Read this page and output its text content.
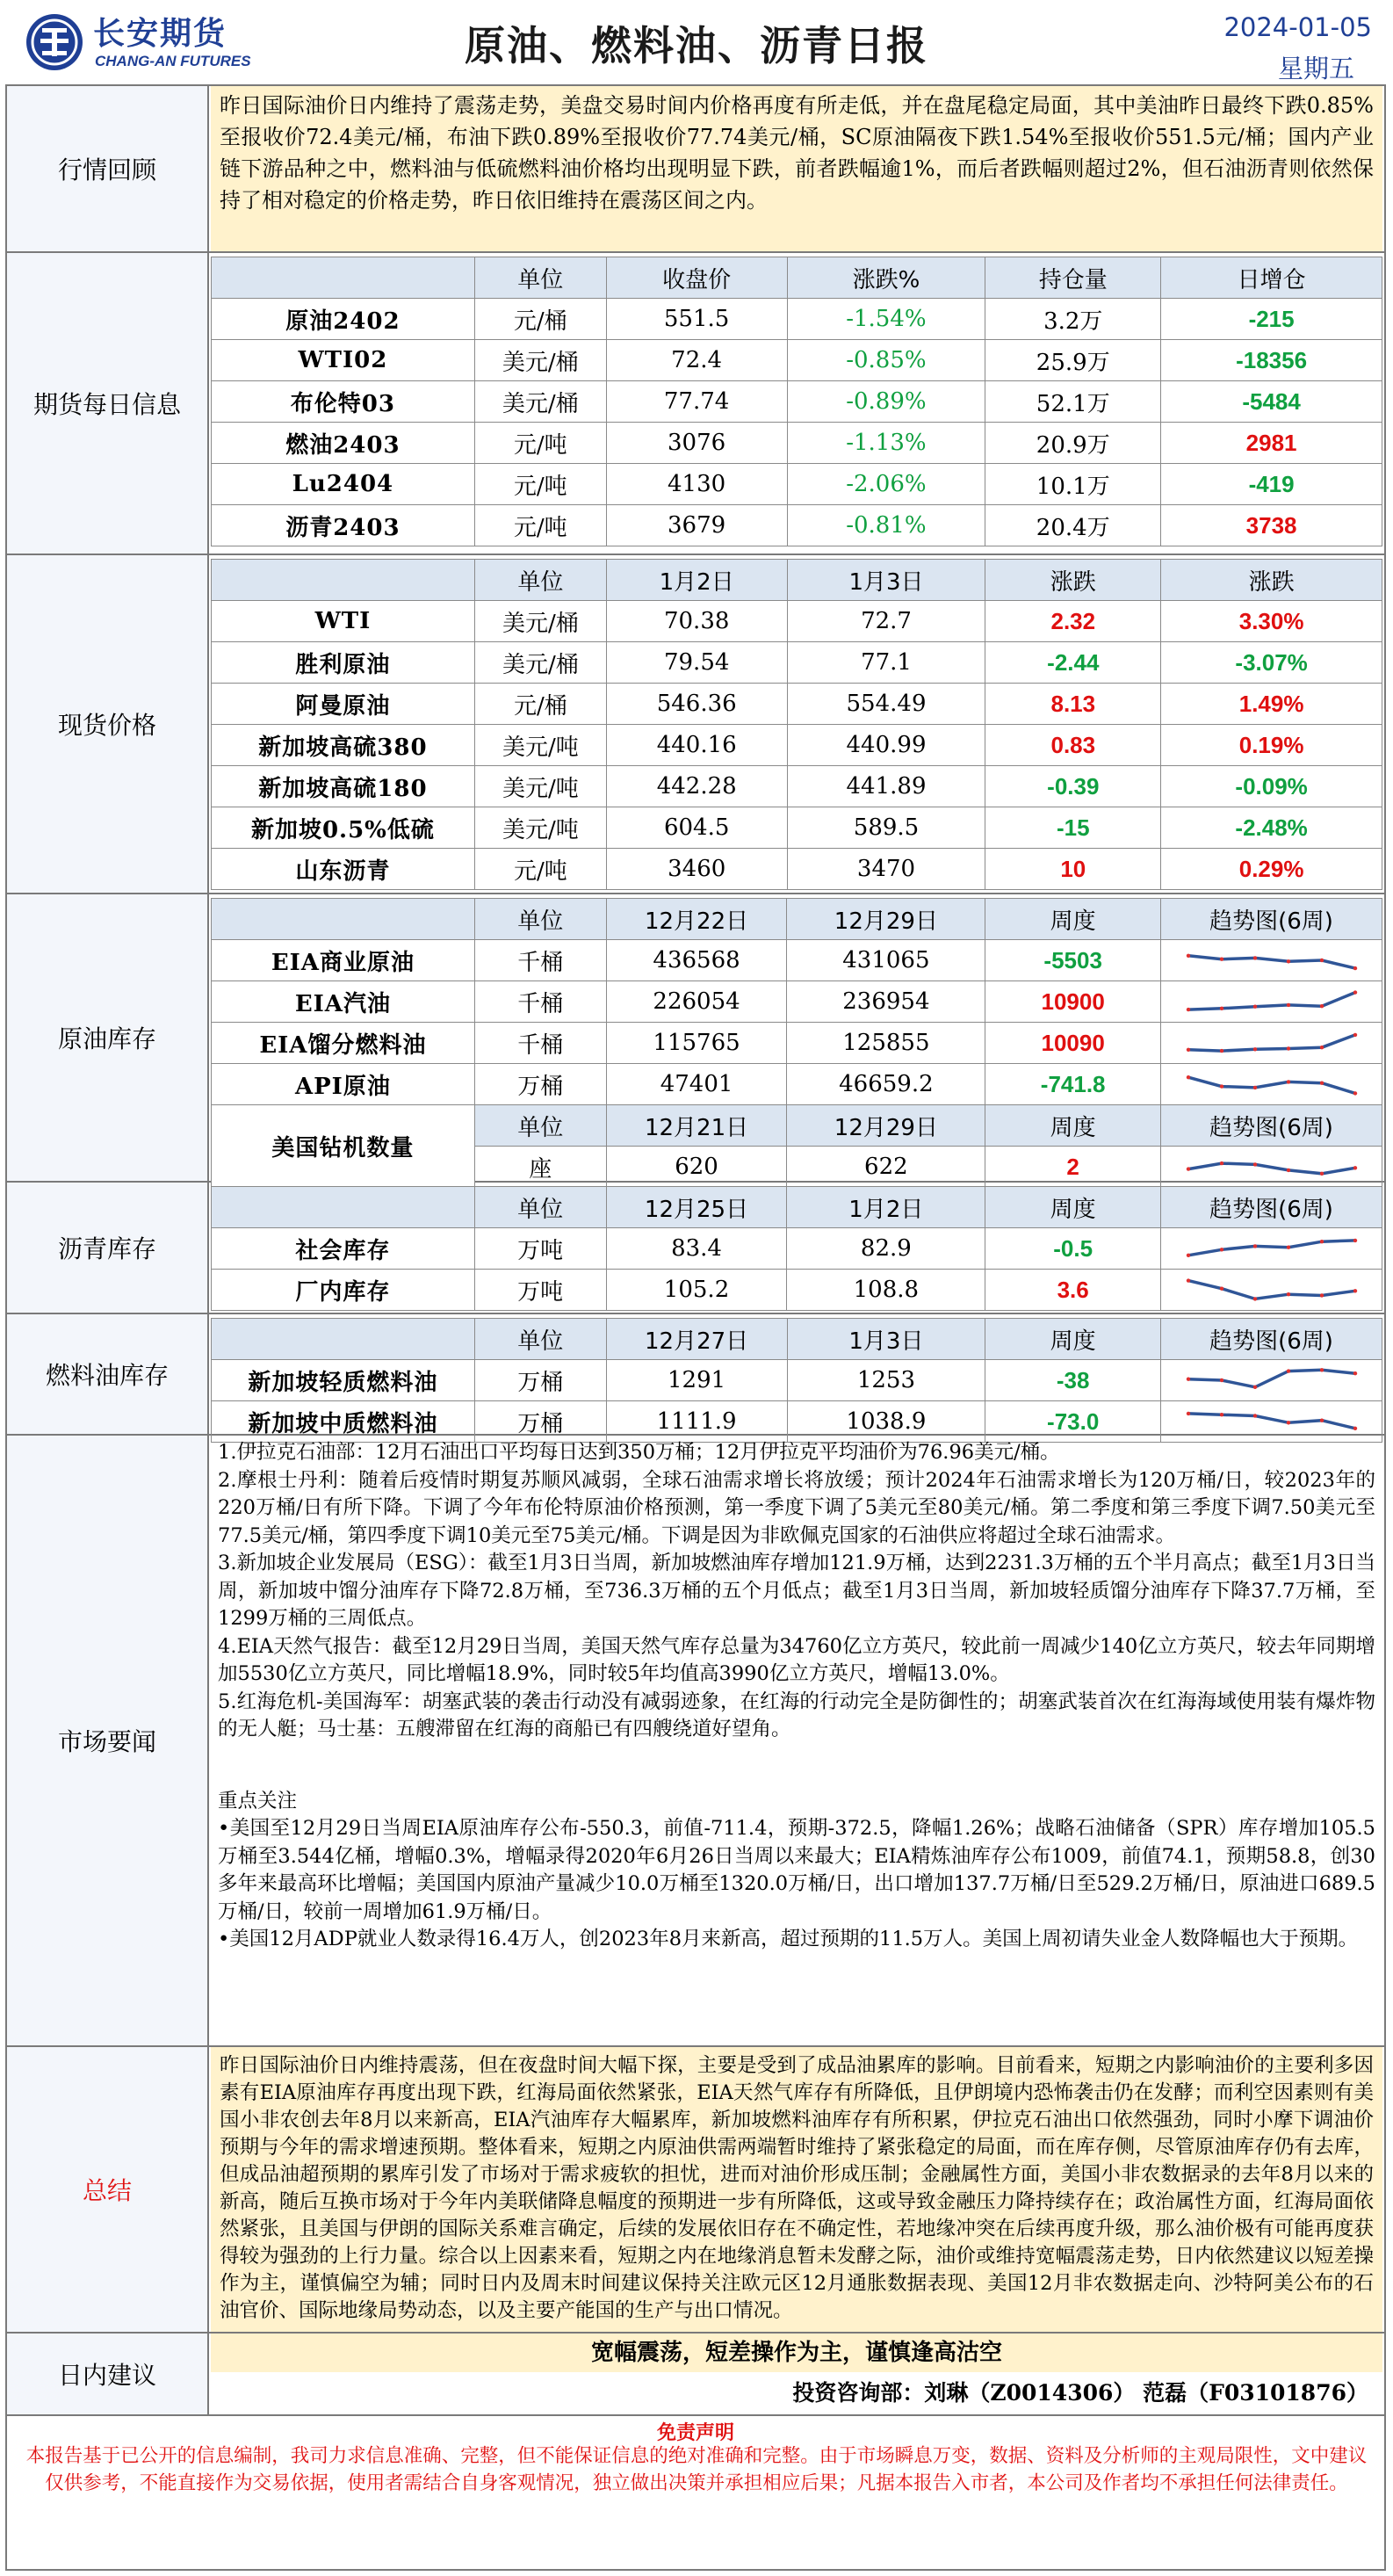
长安期货
CHANG-AN FUTURES	原油、燃料油、沥青日报	2024-01-05
星期五
行情回顾
期货每日信息
现货价格
原油库存
沥青库存
燃料油库存
市场要闻
总结
日内建议
昨日国际油价日内维持了震荡走势，美盘交易时间内价格再度有所走低，并在盘尾稳定局面，其中美油昨日最终下跌0.85%至报收价72.4美元/桶，布油下跌0.89%至报收价77.74美元/桶，SC原油隔夜下跌1.54%至报收价551.5元/桶；国内产业链下游品种之中，燃料油与低硫燃料油价格均出现明显下跌，前者跌幅逾1%，而后者跌幅则超过2%，但石油沥青则依然保持了相对稳定的价格走势，昨日依旧维持在震荡区间之内。
	单位	收盘价	涨跌%	持仓量	日增仓
原油2402	元/桶	551.5	-1.54%	3.2万	-215
WTI02	美元/桶	72.4	-0.85%	25.9万	-18356
布伦特03	美元/桶	77.74	-0.89%	52.1万	-5484
燃油2403	元/吨	3076	-1.13%	20.9万	2981
Lu2404	元/吨	4130	-2.06%	10.1万	-419
沥青2403	元/吨	3679	-0.81%	20.4万	3738
	单位	1月2日	1月3日	涨跌	涨跌
WTI	美元/桶	70.38	72.7	2.32	3.30%
胜利原油	美元/桶	79.54	77.1	-2.44	-3.07%
阿曼原油	元/桶	546.36	554.49	8.13	1.49%
新加坡高硫380	美元/吨	440.16	440.99	0.83	0.19%
新加坡高硫180	美元/吨	442.28	441.89	-0.39	-0.09%
新加坡0.5%低硫	美元/吨	604.5	589.5	-15	-2.48%
山东沥青	元/吨	3460	3470	10	0.29%
	单位	12月22日	12月29日	周度	趋势图(6周)
EIA商业原油	千桶	436568	431065	-5503	

EIA汽油	千桶	226054	236954	10900	

EIA馏分燃料油	千桶	115765	125855	10090	

API原油	万桶	47401	46659.2	-741.8	

美国钻机数量	单位	12月21日	12月29日	周度	趋势图(6周)
	座	620	622	2	
	单位	12月25日	1月2日	周度	趋势图(6周)
社会库存	万吨	83.4	82.9	-0.5	

厂内库存	万吨	105.2	108.8	3.6	
	单位	12月27日	1月3日	周度	趋势图(6周)
新加坡轻质燃料油	万桶	1291	1253	-38	

新加坡中质燃料油	万桶	1111.9	1038.9	-73.0	

1.伊拉克石油部：12月石油出口平均每日达到350万桶；12月伊拉克平均油价为76.96美元/桶。

2.摩根士丹利：随着后疫情时期复苏顺风减弱，全球石油需求增长将放缓；预计2024年石油需求增长为120万桶/日，较2023年的220万桶/日有所下降。下调了今年布伦特原油价格预测，第一季度下调了5美元至80美元/桶。第二季度和第三季度下调7.50美元至77.5美元/桶，第四季度下调10美元至75美元/桶。下调是因为非欧佩克国家的石油供应将超过全球石油需求。

3.新加坡企业发展局（ESG）：截至1月3日当周，新加坡燃油库存增加121.9万桶，达到2231.3万桶的五个半月高点；截至1月3日当周，新加坡中馏分油库存下降72.8万桶，至736.3万桶的五个月低点；截至1月3日当周，新加坡轻质馏分油库存下降37.7万桶，至1299万桶的三周低点。

4.EIA天然气报告：截至12月29日当周，美国天然气库存总量为34760亿立方英尺，较此前一周减少140亿立方英尺，较去年同期增加5530亿立方英尺，同比增幅18.9%，同时较5年均值高3990亿立方英尺，增幅13.0%。

5.红海危机-美国海军：胡塞武装的袭击行动没有减弱迹象，在红海的行动完全是防御性的；胡塞武装首次在红海海域使用装有爆炸物的无人艇；马士基：五艘滞留在红海的商船已有四艘绕道好望角。

重点关注

•美国至12月29日当周EIA原油库存公布-550.3，前值-711.4，预期-372.5，降幅1.26%；战略石油储备（SPR）库存增加105.5万桶至3.544亿桶，增幅0.3%，增幅录得2020年6月26日当周以来最大；EIA精炼油库存公布1009，前值74.1，预期58.8，创30多年来最高环比增幅；美国国内原油产量减少10.0万桶至1320.0万桶/日，出口增加137.7万桶/日至529.2万桶/日，原油进口689.5万桶/日，较前一周增加61.9万桶/日。

•美国12月ADP就业人数录得16.4万人，创2023年8月来新高，超过预期的11.5万人。美国上周初请失业金人数降幅也大于预期。

昨日国际油价日内维持震荡，但在夜盘时间大幅下探，主要是受到了成品油累库的影响。目前看来，短期之内影响油价的主要利多因素有EIA原油库存再度出现下跌，红海局面依然紧张，EIA天然气库存有所降低，且伊朗境内恐怖袭击仍在发酵；而利空因素则有美国小非农创去年8月以来新高，EIA汽油库存大幅累库，新加坡燃料油库存有所积累，伊拉克石油出口依然强劲，同时小摩下调油价预期与今年的需求增速预期。整体看来，短期之内原油供需两端暂时维持了紧张稳定的局面，而在库存侧，尽管原油库存仍有去库，但成品油超预期的累库引发了市场对于需求疲软的担忧，进而对油价形成压制；金融属性方面，美国小非农数据录的去年8月以来的新高，随后互换市场对于今年内美联储降息幅度的预期进一步有所降低，这或导致金融压力降持续存在；政治属性方面，红海局面依然紧张，且美国与伊朗的国际关系难言确定，后续的发展依旧存在不确定性，若地缘冲突在后续再度升级，那么油价极有可能再度获得较为强劲的上行力量。综合以上因素来看，短期之内在地缘消息暂未发酵之际，油价或维持宽幅震荡走势，日内依然建议以短差操作为主，谨慎偏空为辅；同时日内及周末时间建议保持关注欧元区12月通胀数据表现、美国12月非农数据走向、沙特阿美公布的石油官价、国际地缘局势动态，以及主要产能国的生产与出口情况。
宽幅震荡，短差操作为主，谨慎逢高沽空
投资咨询部：刘琳（Z0014306） 范磊（F03101876）
免责声明
本报告基于已公开的信息编制，我司力求信息准确、完整，但不能保证信息的绝对准确和完整。由于市场瞬息万变，数据、资料及分析师的主观局限性，文中建议仅供参考，不能直接作为交易依据，使用者需结合自身客观情况，独立做出决策并承担相应后果；凡据本报告入市者，本公司及作者均不承担任何法律责任。
